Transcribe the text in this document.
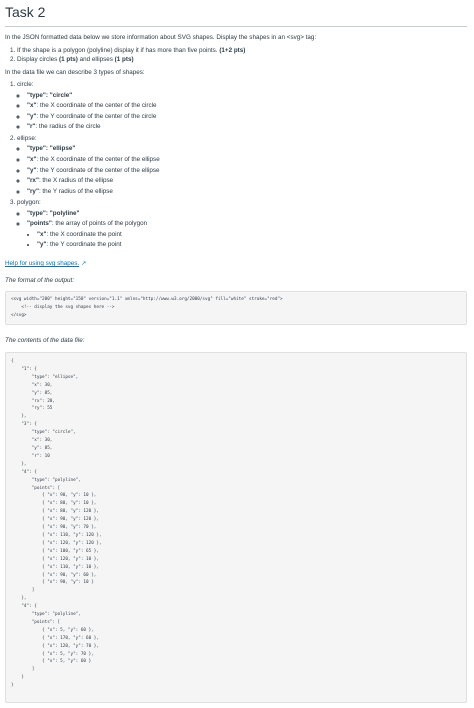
Task 2

In the JSON formatted data below we store information about SVG shapes. Display the shapes in an <svg> tag:

1. If the shape is a polygon (polyline) display it if has more than five points. (1+2 pts)
2. Display circles (1 pts) and ellipses (1 pts)

In the data file we can describe 3 types of shapes:

1. circle:
◦ "type": "circle"
◦ "x": the X coordinate of the center of the circle
◦ "y": the Y coordinate of the center of the circle
◦ "r": the radius of the circle
2. ellipse:
◦ "type": "ellipse"
◦ "x": the X coordinate of the center of the ellipse
◦ "y": the Y coordinate of the center of the ellipse
◦ "rx": the X radius of the ellipse
◦ "ry": the Y radius of the ellipse
3. polygon:
◦ "type": "polyline"
◦ "points": the array of points of the polygon
• "x": the X coordinate the point
• "y": the Y coordinate the point
Help for using svg shapes. ↗

The format of the output:

<svg width="200" height="150" version="1.1" xmlns="http://www.w3.org/2000/svg" fill="white" stroke="red">
<!-- display the svg shapes here -->
</svg>

The contents of the data file:

{
"1": {
"type": "ellipse",
"x": 30,
"y": 85,
"rx": 20,
"ry": 55
},
"3": {
"type": "circle",
"x": 30,
"y": 85,
"r": 10
},
"4": {
"type": "polyline",
"points": [
{ "x": 90, "y": 10 },
{ "x": 80, "y": 10 },
{ "x": 80, "y": 120 },
{ "x": 90, "y": 120 },
{ "x": 90, "y": 70 },
{ "x": 110, "y": 120 },
{ "x": 120, "y": 120 },
{ "x": 100, "y": 65 },
{ "x": 120, "y": 10 },
{ "x": 110, "y": 10 },
{ "x": 90, "y": 60 },
{ "x": 90, "y": 10 }
]
},
"4": {
"type": "polyline",
"points": [
{ "x": 5, "y": 60 },
{ "x": 170, "y": 60 },
{ "x": 120, "y": 70 },
{ "x": 5, "y": 70 },
{ "x": 5, "y": 60 }
]
}
}
